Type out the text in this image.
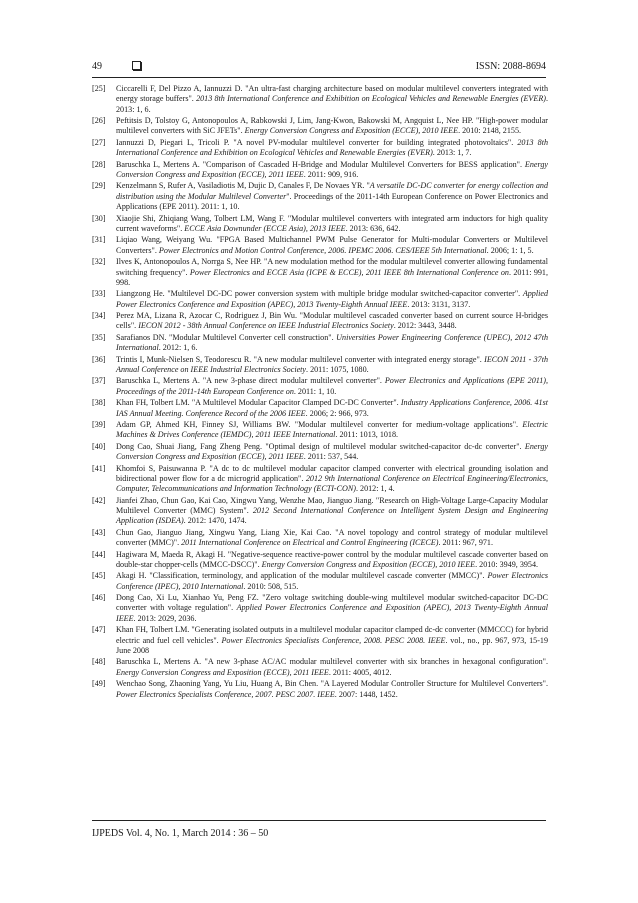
49	ISSN: 2088-8694
[25] Ciccarelli F, Del Pizzo A, Iannuzzi D. "An ultra-fast charging architecture based on modular multilevel converters integrated with energy storage buffers". 2013 8th International Conference and Exhibition on Ecological Vehicles and Renewable Energies (EVER). 2013: 1, 6.
[26] Peftitsis D, Tolstoy G, Antonopoulos A, Rabkowski J, Lim, Jang-Kwon, Bakowski M, Angquist L, Nee HP. "High-power modular multilevel converters with SiC JFETs". Energy Conversion Congress and Exposition (ECCE), 2010 IEEE. 2010: 2148, 2155.
[27] Iannuzzi D, Piegari L, Tricoli P. "A novel PV-modular multilevel converter for building integrated photovoltaics". 2013 8th International Conference and Exhibition on Ecological Vehicles and Renewable Energies (EVER). 2013: 1, 7.
[28] Baruschka L, Mertens A. "Comparison of Cascaded H-Bridge and Modular Multilevel Converters for BESS application". Energy Conversion Congress and Exposition (ECCE), 2011 IEEE. 2011: 909, 916.
[29] Kenzelmann S, Rufer A, Vasiladiotis M, Dujic D, Canales F, De Novaes YR. "A versatile DC-DC converter for energy collection and distribution using the Modular Multilevel Converter". Proceedings of the 2011-14th European Conference on Power Electronics and Applications (EPE 2011). 2011: 1, 10.
[30] Xiaojie Shi, Zhiqiang Wang, Tolbert LM, Wang F. "Modular multilevel converters with integrated arm inductors for high quality current waveforms". ECCE Asia Downunder (ECCE Asia), 2013 IEEE. 2013: 636, 642.
[31] Liqiao Wang, Weiyang Wu. "FPGA Based Multichannel PWM Pulse Generator for Multi-modular Converters or Multilevel Converters". Power Electronics and Motion Control Conference, 2006. IPEMC 2006. CES/IEEE 5th International. 2006; 1: 1, 5.
[32] Ilves K, Antonopoulos A, Norrga S, Nee HP. "A new modulation method for the modular multilevel converter allowing fundamental switching frequency". Power Electronics and ECCE Asia (ICPE & ECCE), 2011 IEEE 8th International Conference on. 2011: 991, 998.
[33] Liangzong He. "Multilevel DC-DC power conversion system with multiple bridge modular switched-capacitor converter". Applied Power Electronics Conference and Exposition (APEC), 2013 Twenty-Eighth Annual IEEE. 2013: 3131, 3137.
[34] Perez MA, Lizana R, Azocar C, Rodriguez J, Bin Wu. "Modular multilevel cascaded converter based on current source H-bridges cells". IECON 2012 - 38th Annual Conference on IEEE Industrial Electronics Society. 2012: 3443, 3448.
[35] Sarafianos DN. "Modular Multilevel Converter cell construction". Universities Power Engineering Conference (UPEC), 2012 47th International. 2012: 1, 6.
[36] Trintis I, Munk-Nielsen S, Teodorescu R. "A new modular multilevel converter with integrated energy storage". IECON 2011 - 37th Annual Conference on IEEE Industrial Electronics Society. 2011: 1075, 1080.
[37] Baruschka L, Mertens A. "A new 3-phase direct modular multilevel converter". Power Electronics and Applications (EPE 2011), Proceedings of the 2011-14th European Conference on. 2011: 1, 10.
[38] Khan FH, Tolbert LM. "A Multilevel Modular Capacitor Clamped DC-DC Converter". Industry Applications Conference, 2006. 41st IAS Annual Meeting. Conference Record of the 2006 IEEE. 2006; 2: 966, 973.
[39] Adam GP, Ahmed KH, Finney SJ, Williams BW. "Modular multilevel converter for medium-voltage applications". Electric Machines & Drives Conference (IEMDC), 2011 IEEE International. 2011: 1013, 1018.
[40] Dong Cao, Shuai Jiang, Fang Zheng Peng. "Optimal design of multilevel modular switched-capacitor dc-dc converter". Energy Conversion Congress and Exposition (ECCE), 2011 IEEE. 2011: 537, 544.
[41] Khomfoi S, Paisuwanna P. "A dc to dc multilevel modular capacitor clamped converter with electrical grounding isolation and bidirectional power flow for a dc microgrid application". 2012 9th International Conference on Electrical Engineering/Electronics, Computer, Telecommunications and Information Technology (ECTI-CON). 2012: 1, 4.
[42] Jianfei Zhao, Chun Gao, Kai Cao, Xingwu Yang, Wenzhe Mao, Jianguo Jiang. "Research on High-Voltage Large-Capacity Modular Multilevel Converter (MMC) System". 2012 Second International Conference on Intelligent System Design and Engineering Application (ISDEA). 2012: 1470, 1474.
[43] Chun Gao, Jianguo Jiang, Xingwu Yang, Liang Xie, Kai Cao. "A novel topology and control strategy of modular multilevel converter (MMC)". 2011 International Conference on Electrical and Control Engineering (ICECE). 2011: 967, 971.
[44] Hagiwara M, Maeda R, Akagi H. "Negative-sequence reactive-power control by the modular multilevel cascade converter based on double-star chopper-cells (MMCC-DSCC)". Energy Conversion Congress and Exposition (ECCE), 2010 IEEE. 2010: 3949, 3954.
[45] Akagi H. "Classification, terminology, and application of the modular multilevel cascade converter (MMCC)". Power Electronics Conference (IPEC), 2010 International. 2010: 508, 515.
[46] Dong Cao, Xi Lu, Xianhao Yu, Peng FZ. "Zero voltage switching double-wing multilevel modular switched-capacitor DC-DC converter with voltage regulation". Applied Power Electronics Conference and Exposition (APEC), 2013 Twenty-Eighth Annual IEEE. 2013: 2029, 2036.
[47] Khan FH, Tolbert LM. "Generating isolated outputs in a multilevel modular capacitor clamped dc-dc converter (MMCCC) for hybrid electric and fuel cell vehicles". Power Electronics Specialists Conference, 2008. PESC 2008. IEEE. vol., no., pp. 967, 973, 15-19 June 2008
[48] Baruschka L, Mertens A. "A new 3-phase AC/AC modular multilevel converter with six branches in hexagonal configuration". Energy Conversion Congress and Exposition (ECCE), 2011 IEEE. 2011: 4005, 4012.
[49] Wenchao Song, Zhaoning Yang, Yu Liu, Huang A, Bin Chen. "A Layered Modular Controller Structure for Multilevel Converters". Power Electronics Specialists Conference, 2007. PESC 2007. IEEE. 2007: 1448, 1452.
IJPEDS Vol. 4, No. 1, March 2014 : 36 – 50
